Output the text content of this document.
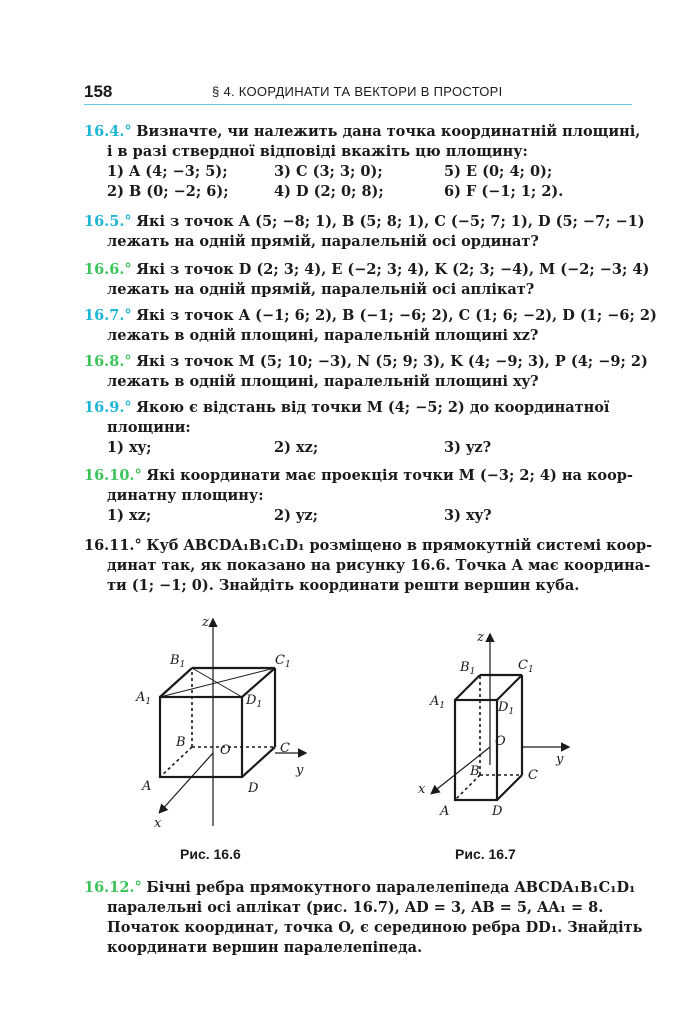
158	§ 4. КООРДИНАТИ ТА ВЕКТОРИ В ПРОСТОРІ
16.4.° Визначте, чи належить дана точка координатній площині,
і в разі ствердної відповіді вкажіть цю площину:
1) A (4; −3; 5);	3) C (3; 3; 0);	5) E (0; 4; 0);
2) B (0; −2; 6);	4) D (2; 0; 8);	6) F (−1; 1; 2).
16.5.° Які з точок A (5; −8; 1), B (5; 8; 1), C (−5; 7; 1), D (5; −7; −1)
лежать на одній прямій, паралельній осі ординат?
16.6.° Які з точок D (2; 3; 4), E (−2; 3; 4), K (2; 3; −4), M (−2; −3; 4)
лежать на одній прямій, паралельній осі аплікат?
16.7.° Які з точок A (−1; 6; 2), B (−1; −6; 2), C (1; 6; −2), D (1; −6; 2)
лежать в одній площині, паралельній площині xz?
16.8.° Які з точок M (5; 10; −3), N (5; 9; 3), K (4; −9; 3), P (4; −9; 2)
лежать в одній площині, паралельній площині xy?
16.9.° Якою є відстань від точки M (4; −5; 2) до координатної
площини:
1) xy;	2) xz;	3) yz?
16.10.° Які координати має проекція точки M (−3; 2; 4) на коор-
динатну площину:
1) xz;	2) yz;	3) xy?
16.11.° Куб ABCDA₁B₁C₁D₁ розміщено в прямокутній системі коор-
динат так, як показано на рисунку 16.6. Точка A має координа-
ти (1; −1; 0). Знайдіть координати решти вершин куба.
z
y
x
O
A
B	C
D
$A_1$
$B_1$	$C_1$
$D_1$
Рис. 16.6
z
y
x
O
A
B	C
D
$A_1$
$B_1$	$C_1$
$D_1$
Рис. 16.7
16.12.° Бічні ребра прямокутного паралелепіпеда ABCDA₁B₁C₁D₁
паралельні осі аплікат (рис. 16.7), AD = 3, AB = 5, AA₁ = 8.
Початок координат, точка O, є серединою ребра DD₁. Знайдіть
координати вершин паралелепіпеда.
